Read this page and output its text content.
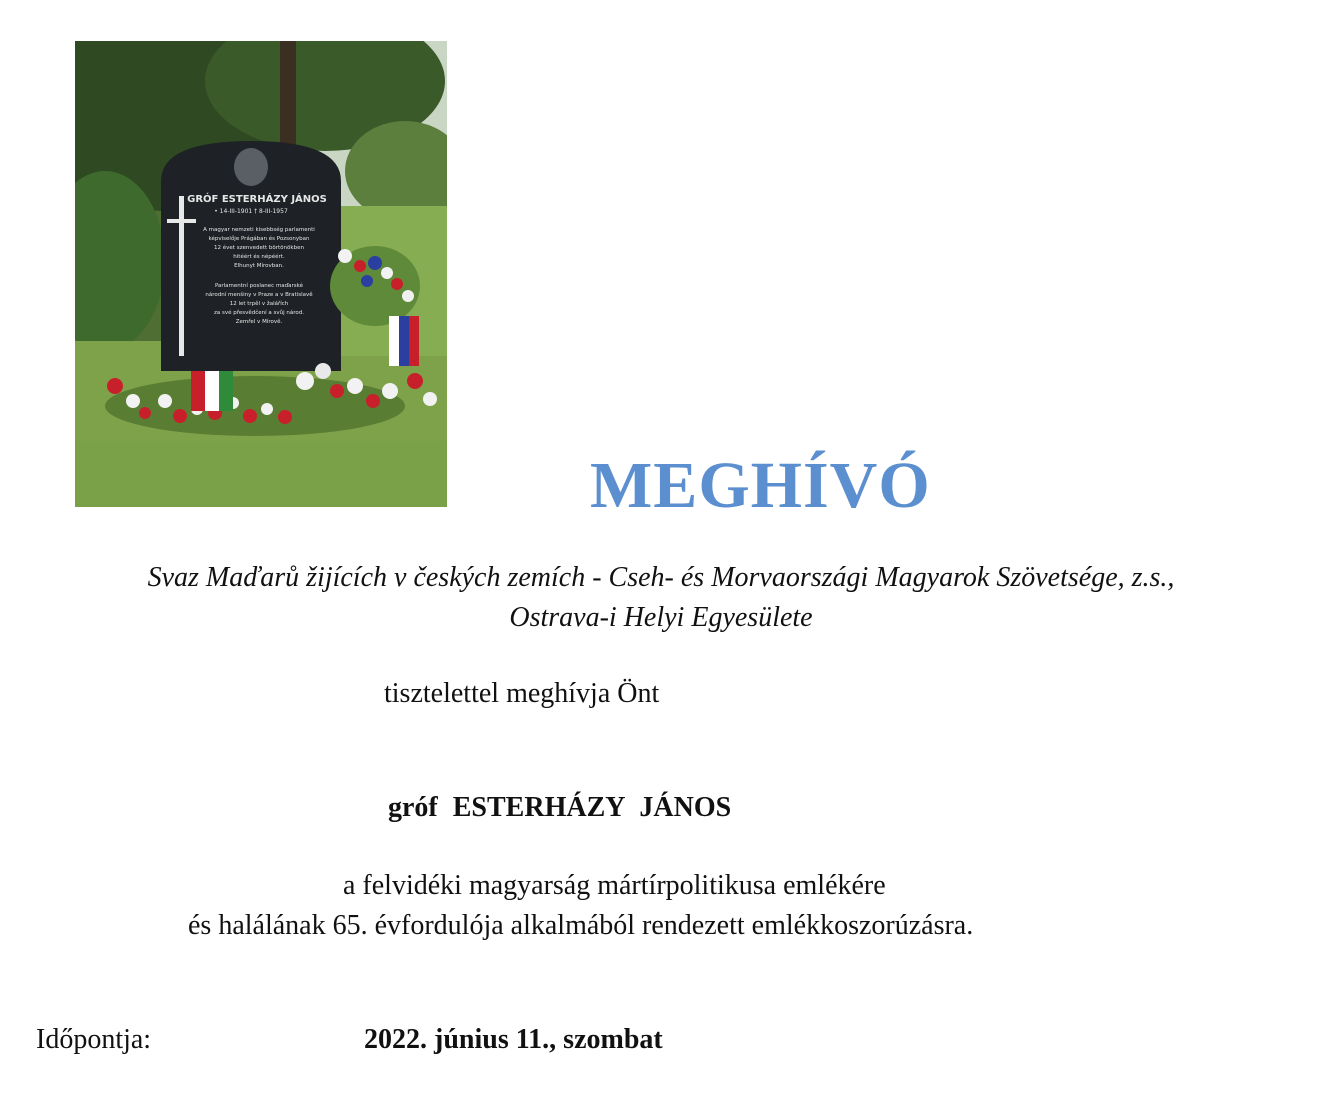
GRÓF ESTERHÁZY JÁNOS
• 14-III-1901 † 8-III-1957
A magyar nemzeti kisebbség parlamenti
képviselője Prágában és Pozsonyban
12 évet szenvedett börtönökben
hitéért és népéért.
Elhunyt Mírovban.
Parlamentní poslanec maďarské
národní menšiny v Praze a v Bratislavě
12 let trpěl v žalářích
za své přesvědčení a svůj národ.
Zemřel v Mírově.
MEGHÍVÓ
Svaz Maďarů žijících v českých zemích - Cseh- és Morvaországi Magyarok Szövetsége, z.s.,
Ostrava-i Helyi Egyesülete
tisztelettel meghívja Önt
gróf ESTERHÁZY JÁNOS
a felvidéki magyarság mártírpolitikusa emlékére
és halálának 65. évfordulója alkalmából rendezett emlékkoszorúzásra.
Időpontja:	2022. június 11., szombat
